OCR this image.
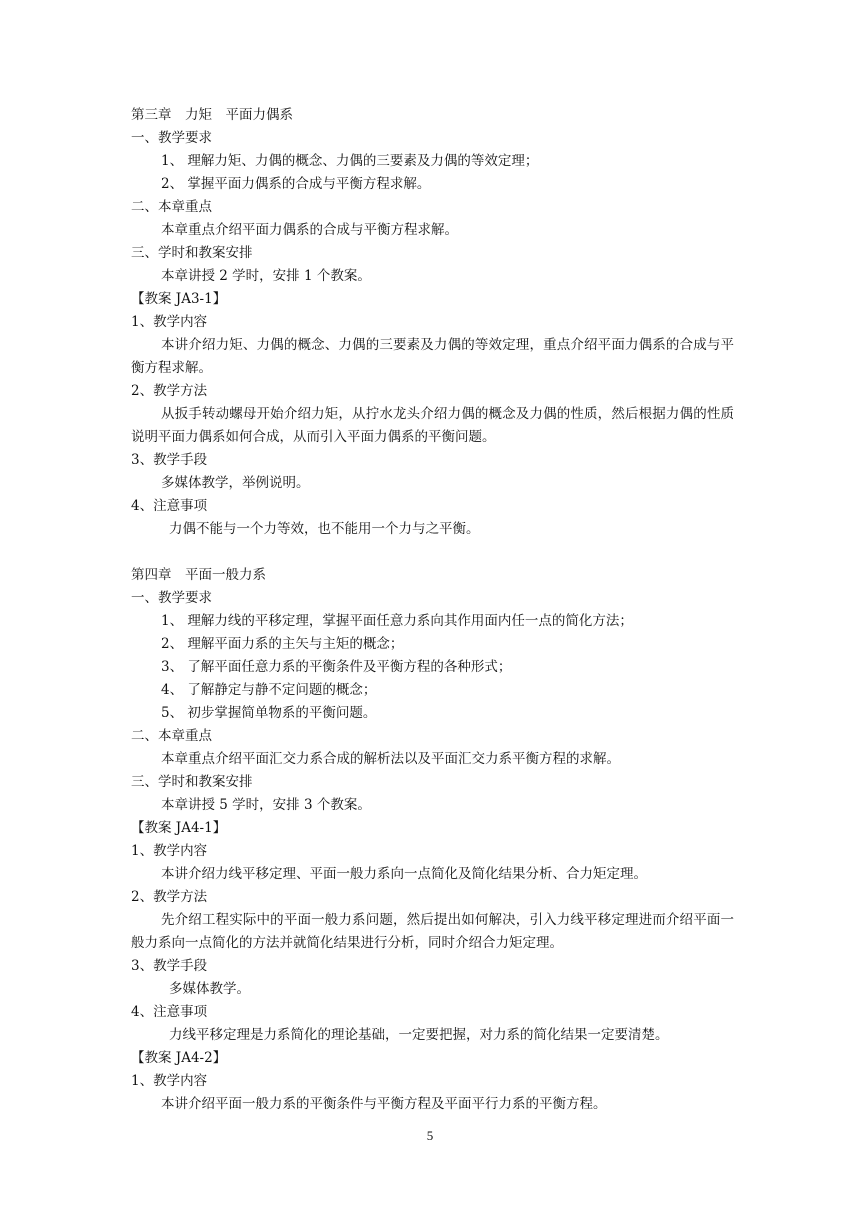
第三章　力矩　平面力偶系
一、教学要求
1、 理解力矩、力偶的概念、力偶的三要素及力偶的等效定理；
2、 掌握平面力偶系的合成与平衡方程求解。
二、本章重点
本章重点介绍平面力偶系的合成与平衡方程求解。
三、学时和教案安排
本章讲授 2 学时，安排 1 个教案。
【教案 JA3-1】
1、教学内容
本讲介绍力矩、力偶的概念、力偶的三要素及力偶的等效定理，重点介绍平面力偶系的合成与平衡方程求解。
2、教学方法
从扳手转动螺母开始介绍力矩，从拧水龙头介绍力偶的概念及力偶的性质，然后根据力偶的性质说明平面力偶系如何合成，从而引入平面力偶系的平衡问题。
3、教学手段
多媒体教学，举例说明。
4、注意事项
力偶不能与一个力等效，也不能用一个力与之平衡。
第四章　平面一般力系
一、教学要求
1、 理解力线的平移定理，掌握平面任意力系向其作用面内任一点的简化方法；
2、 理解平面力系的主矢与主矩的概念；
3、 了解平面任意力系的平衡条件及平衡方程的各种形式；
4、 了解静定与静不定问题的概念；
5、 初步掌握简单物系的平衡问题。
二、本章重点
本章重点介绍平面汇交力系合成的解析法以及平面汇交力系平衡方程的求解。
三、学时和教案安排
本章讲授 5 学时，安排 3 个教案。
【教案 JA4-1】
1、教学内容
本讲介绍力线平移定理、平面一般力系向一点简化及简化结果分析、合力矩定理。
2、教学方法
先介绍工程实际中的平面一般力系问题，然后提出如何解决，引入力线平移定理进而介绍平面一般力系向一点简化的方法并就简化结果进行分析，同时介绍合力矩定理。
3、教学手段
多媒体教学。
4、注意事项
力线平移定理是力系简化的理论基础，一定要把握，对力系的简化结果一定要清楚。
【教案 JA4-2】
1、教学内容
本讲介绍平面一般力系的平衡条件与平衡方程及平面平行力系的平衡方程。
5
